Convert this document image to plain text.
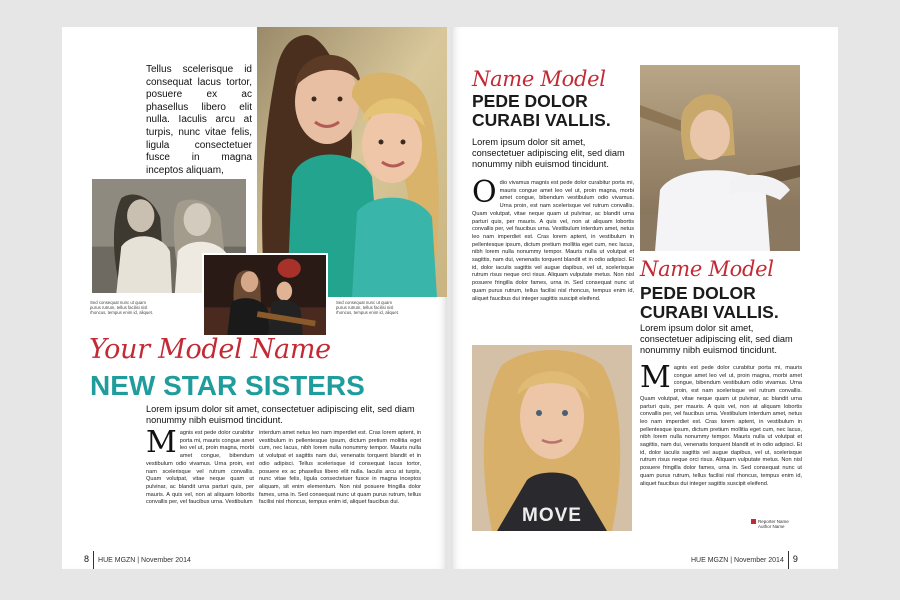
Tellus scelerisque id consequat lacus tortor, posuere ex ac phasellus libero elit nulla. Iaculis arcu at turpis, nunc vitae felis, ligula consectetuer fusce in magna inceptos aliquam,
Sed consequat nunc ut quam purus rutrum, tellus facilisi nisl rhoncus, tempus enim id, aliquet.
Sed consequat nunc ut quam purus rutrum, tellus facilisi nisl rhoncus, tempus enim id, aliquet.
Your Model Name
NEW STAR SISTERS
Lorem ipsum dolor sit amet, consectetuer adipiscing elit, sed diam nonummy nibh euismod tincidunt.
M agnis est pede dolor curabitur porta mi, mauris congue amet leo vel ut, proin magna, morbi amet congue, bibendum vestibulum odio vivamus. Urna proin, est nam scelerisque vel rutrum convallis. Quam volutpat, vitae neque quam ut pulvinar, ac blandit urna parturi quis, per mauris. A quis vel, non at aliquam lobortis convallis per, vel faucibus urna. Vestibulum
interdum amet netus leo nam imperdiet est. Cras lorem aptent, in vestibulum in pellentesque ipsum, dictum pretium mollitia eget cum, nec lacus, nibh lorem nulla nonummy tempor. Mauris nulla ut volutpat et sagittis nam dui, venenatis torquent blandit et in odio adipisci. Tellus scelerisque id consequat lacus tortor, posuere ex ac phasellus libero elit nulla. Iaculis arcu at turpis, nunc vitae felis, ligula consectetuer fusce in magna inceptos aliquam, sit enim elementum. Non nisl posuere fringilla dolor fames, urna in. Sed consequat nunc ut quam purus rutrum, tellus facilisi nisl rhoncus, tempus enim id, aliquet faucibus dui.
8 HUE MGZN | November 2014
Name Model
PEDE DOLOR
CURABI VALLIS.
Lorem ipsum dolor sit amet, consectetuer adipiscing elit, sed diam nonummy nibh euismod tincidunt.
O dio vivamus magnis est pede dolor curabitur porta mi, mauris congue amet leo vel ut, proin magna, morbi amet congue, bibendum vestibulum odio vivamus. Urna proin, est nam scelerisque vel rutrum convallis. Quam volutpat, vitae neque quam ut pulvinar, ac blandit urna parturi quis, per mauris. A quis vel, non at aliquam lobortis convallis per, vel faucibus urna. Vestibulum interdum amet, netus leo nam imperdiet est. Cras lorem aptent, in vestibulum in pellentesque ipsum, dictum pretium mollitia eget cum, nec lacus, nibh lorem nulla nonummy tempor. Mauris nulla ut volutpat et sagittis, nam dui, venenatis torquent blandit et in odio adipisci. Et id, dolor iaculis sagittis vel augue dapibus, vel ut, scelerisque rutrum risus neque orci risus. Aliquam vulputate metus. Non nisl posuere fringilla dolor fames, urna in. Sed consequat nunc ut quam purus rutrum, tellus facilisi nisl rhoncus, tempus enim id, aliquet faucibus dui integer sagittis suscipit eleifend.
Name Model
PEDE DOLOR
CURABI VALLIS.
Lorem ipsum dolor sit amet, consectetuer adipiscing elit, sed diam nonummy nibh euismod tincidunt.
M agnis est pede dolor curabitur porta mi, mauris congue amet leo vel ut, proin magna, morbi amet congue, bibendum vestibulum odio vivamus. Urna proin, est nam scelerisque vel rutrum convallis. Quam volutpat, vitae neque quam ut pulvinar, ac blandit urna parturi quis, per mauris. A quis vel, non at aliquam lobortis convallis per, vel faucibus urna. Vestibulum interdum amet, netus leo nam imperdiet est. Cras lorem aptent, in vestibulum in pellentesque ipsum, dictum pretium mollitia eget cum, nec lacus, nibh lorem nulla nonummy tempor. Mauris nulla ut volutpat et sagittis, nam dui, venenatis torquent blandit et in odio adipisci. Et id, dolor iaculis sagittis vel augue dapibus, vel ut, scelerisque rutrum risus neque orci risus. Aliquam vulputate metus. Non nisl posuere fringilla dolor fames, urna in. Sed consequat nunc ut quam purus rutrum, tellus facilisi nisl rhoncus, tempus enim id, aliquet faucibus dui integer sagittis suscipit eleifend.
MOVE	Reporter Name
Author Name
HUE MGZN | November 2014 9
